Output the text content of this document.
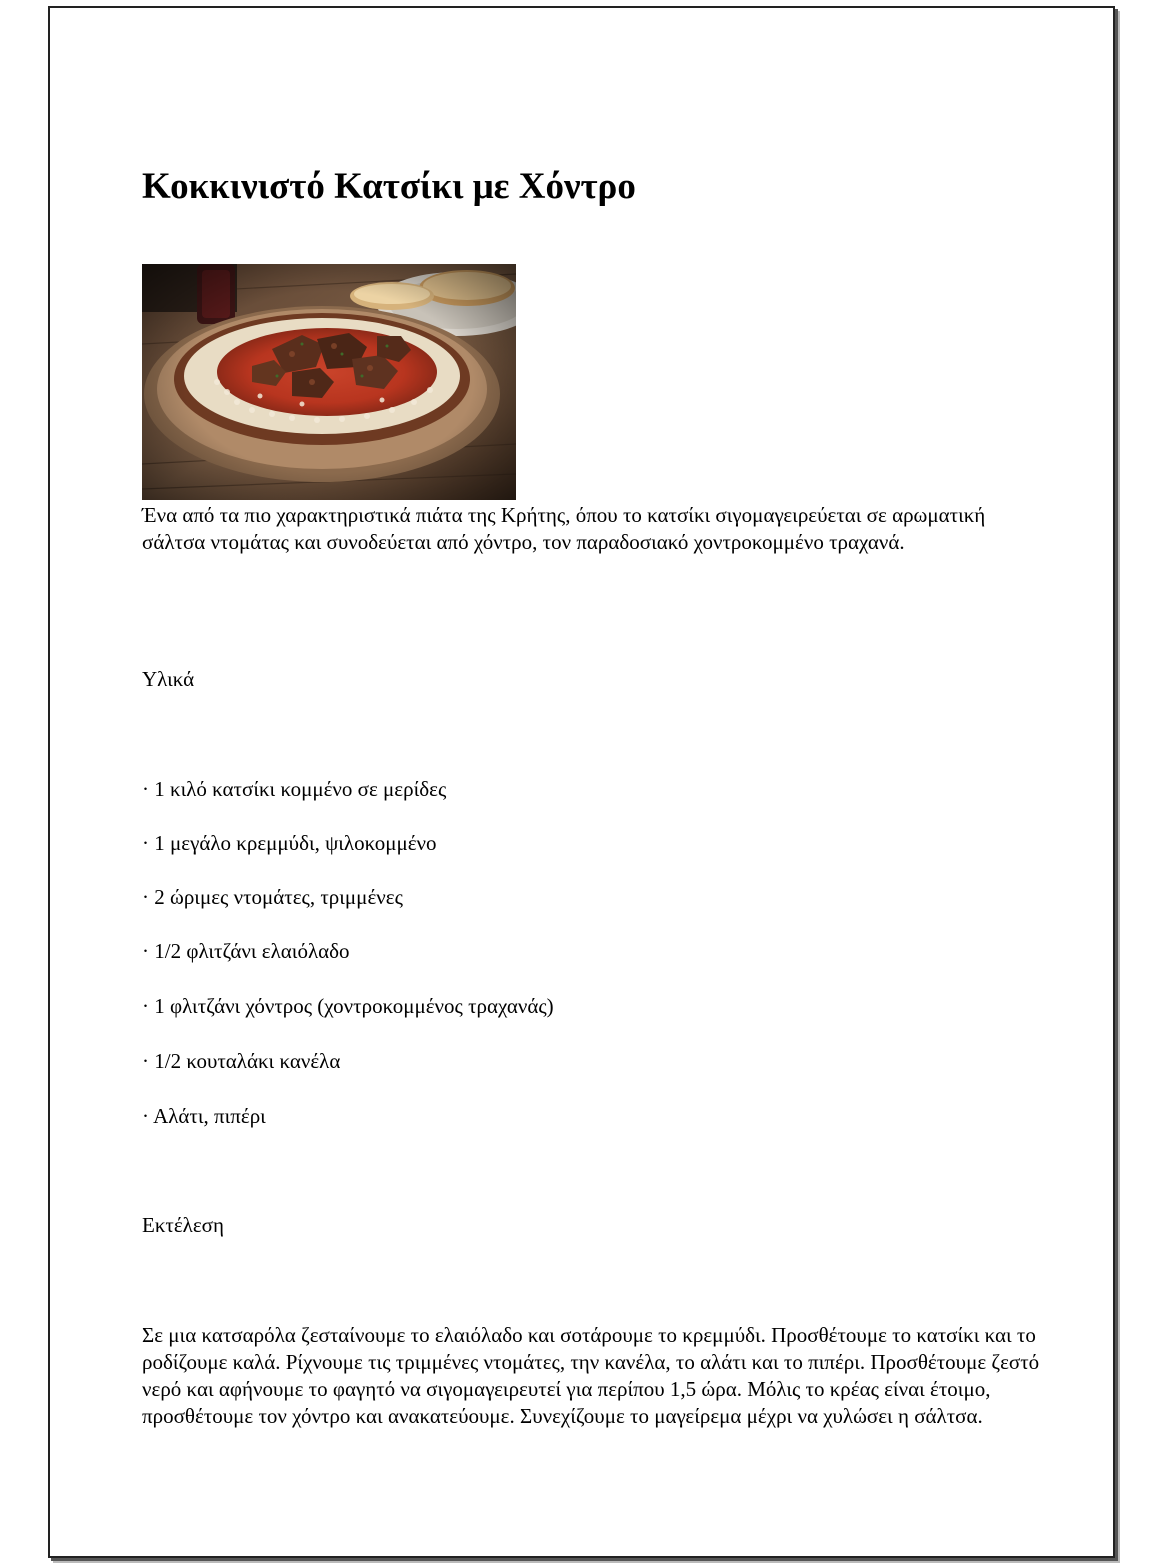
Κοκκινιστό Κατσίκι με Χόντρο

Ένα από τα πιο χαρακτηριστικά πιάτα της Κρήτης, όπου το κατσίκι σιγομαγειρεύεται σε αρωματική σάλτσα ντομάτας και συνοδεύεται από χόντρο, τον παραδοσιακό χοντροκομμένο τραχανά.

Υλικά

· 1 κιλό κατσίκι κομμένο σε μερίδες

· 1 μεγάλο κρεμμύδι, ψιλοκομμένο

· 2 ώριμες ντομάτες, τριμμένες

· 1/2 φλιτζάνι ελαιόλαδο

· 1 φλιτζάνι χόντρος (χοντροκομμένος τραχανάς)

· 1/2 κουταλάκι κανέλα

· Αλάτι, πιπέρι

Εκτέλεση

Σε μια κατσαρόλα ζεσταίνουμε το ελαιόλαδο και σοτάρουμε το κρεμμύδι. Προσθέτουμε το κατσίκι και το ροδίζουμε καλά. Ρίχνουμε τις τριμμένες ντομάτες, την κανέλα, το αλάτι και το πιπέρι. Προσθέτουμε ζεστό νερό και αφήνουμε το φαγητό να σιγομαγειρευτεί για περίπου 1,5 ώρα. Μόλις το κρέας είναι έτοιμο, προσθέτουμε τον χόντρο και ανακατεύουμε. Συνεχίζουμε το μαγείρεμα μέχρι να χυλώσει η σάλτσα.
